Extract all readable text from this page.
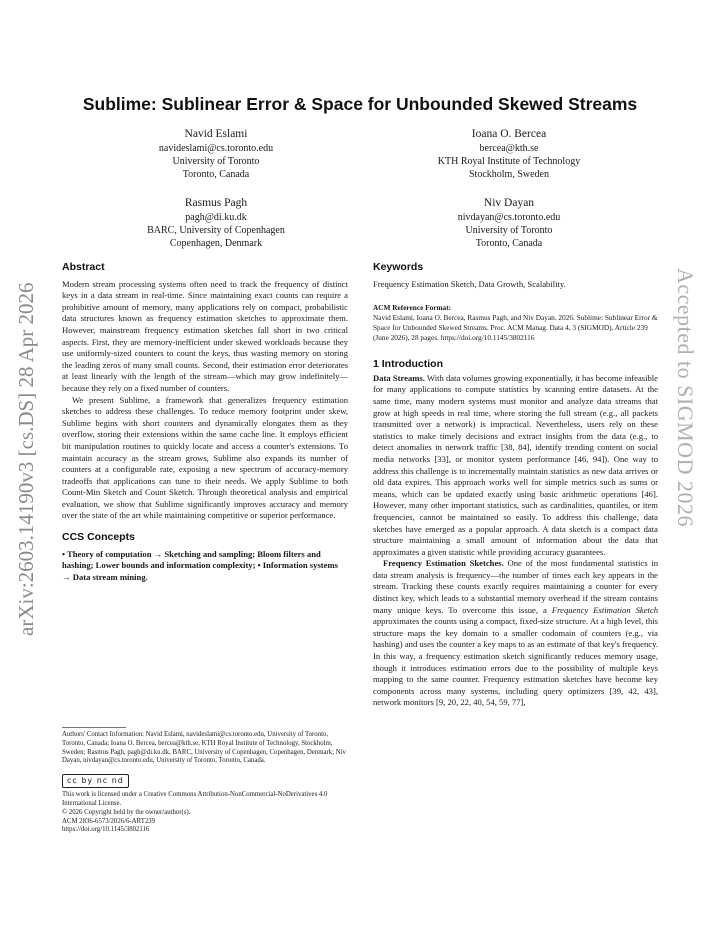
Sublime: Sublinear Error & Space for Unbounded Skewed Streams
Navid Eslami
navideslami@cs.toronto.edu
University of Toronto
Toronto, Canada
Ioana O. Bercea
bercea@kth.se
KTH Royal Institute of Technology
Stockholm, Sweden
Rasmus Pagh
pagh@di.ku.dk
BARC, University of Copenhagen
Copenhagen, Denmark
Niv Dayan
nivdayan@cs.toronto.edu
University of Toronto
Toronto, Canada
arXiv:2603.14190v3 [cs.DS] 28 Apr 2026	Accepted to SIGMOD 2026
Abstract

Modern stream processing systems often need to track the frequency of distinct keys in a data stream in real-time. Since maintaining exact counts can require a prohibitive amount of memory, many applications rely on compact, probabilistic data structures known as frequency estimation sketches to approximate them. However, mainstream frequency estimation sketches fall short in two critical aspects. First, they are memory-inefficient under skewed workloads because they use uniformly-sized counters to count the keys, thus wasting memory on storing the leading zeros of many small counts. Second, their estimation error deteriorates at least linearly with the length of the stream—which may grow indefinitely—because they rely on a fixed number of counters.

We present Sublime, a framework that generalizes frequency estimation sketches to address these challenges. To reduce memory footprint under skew, Sublime begins with short counters and dynamically elongates them as they overflow, storing their extensions within the same cache line. It employs efficient bit manipulation routines to quickly locate and access a counter's extensions. To maintain accuracy as the stream grows, Sublime also expands its number of counters at a configurable rate, exposing a new spectrum of accuracy-memory tradeoffs that applications can tune to their needs. We apply Sublime to both Count-Min Sketch and Count Sketch. Through theoretical analysis and empirical evaluation, we show that Sublime significantly improves accuracy and memory over the state of the art while maintaining competitive or superior performance.

CCS Concepts

• Theory of computation → Sketching and sampling; Bloom filters and hashing; Lower bounds and information complexity; • Information systems → Data stream mining.

Authors' Contact Information: Navid Eslami, navideslami@cs.toronto.edu, University of Toronto, Toronto, Canada; Ioana O. Bercea, bercea@kth.se, KTH Royal Institute of Technology, Stockholm, Sweden; Rasmus Pagh, pagh@di.ku.dk, BARC, University of Copenhagen, Copenhagen, Denmark; Niv Dayan, nivdayan@cs.toronto.edu, University of Toronto, Toronto, Canada.

cc by nc nd

This work is licensed under a Creative Commons Attribution-NonCommercial-NoDerivatives 4.0 International License.

© 2026 Copyright held by the owner/author(s).

ACM 2836-6573/2026/6-ART239

https://doi.org/10.1145/3802116

Keywords

Frequency Estimation Sketch, Data Growth, Scalability.

ACM Reference Format:

Navid Eslami, Ioana O. Bercea, Rasmus Pagh, and Niv Dayan. 2026. Sublime: Sublinear Error & Space for Unbounded Skewed Streams. Proc. ACM Manag. Data 4, 3 (SIGMOD), Article 239 (June 2026), 28 pages. https://doi.org/10.1145/3802116

1 Introduction

Data Streams. With data volumes growing exponentially, it has become infeasible for many applications to compute statistics by scanning entire datasets. At the same time, many modern systems must monitor and analyze data streams that grow at high speeds in real time, where storing the full stream (e.g., all packets transmitted over a network) is impractical. Nevertheless, users rely on these statistics to make timely decisions and extract insights from the data (e.g., to detect anomalies in network traffic [38, 84], identify trending content on social media networks [33], or monitor system performance [46, 94]). One way to address this challenge is to incrementally maintain statistics as new data arrives or old data expires. This approach works well for simple metrics such as sums or means, which can be updated exactly using basic arithmetic operations [46]. However, many other important statistics, such as cardinalities, quantiles, or item frequencies, cannot be maintained so easily. To address this challenge, data sketches have emerged as a popular approach. A data sketch is a compact data structure maintaining a small amount of information about the data that approximates a given statistic while providing accuracy guarantees.

Frequency Estimation Sketches. One of the most fundamental statistics in data stream analysis is frequency—the number of times each key appears in the stream. Tracking these counts exactly requires maintaining a counter for every distinct key, which leads to a substantial memory overhead if the stream contains many unique keys. To overcome this issue, a Frequency Estimation Sketch approximates the counts using a compact, fixed-size structure. At a high level, this structure maps the key domain to a smaller codomain of counters (e.g., via hashing) and uses the counter a key maps to as an estimate of that key's frequency. In this way, a frequency estimation sketch significantly reduces memory usage, though it introduces estimation errors due to the possibility of multiple keys mapping to the same counter. Frequency estimation sketches have become key components across many systems, including query optimizers [39, 42, 43], network monitors [9, 20, 22, 40, 54, 59, 77],
